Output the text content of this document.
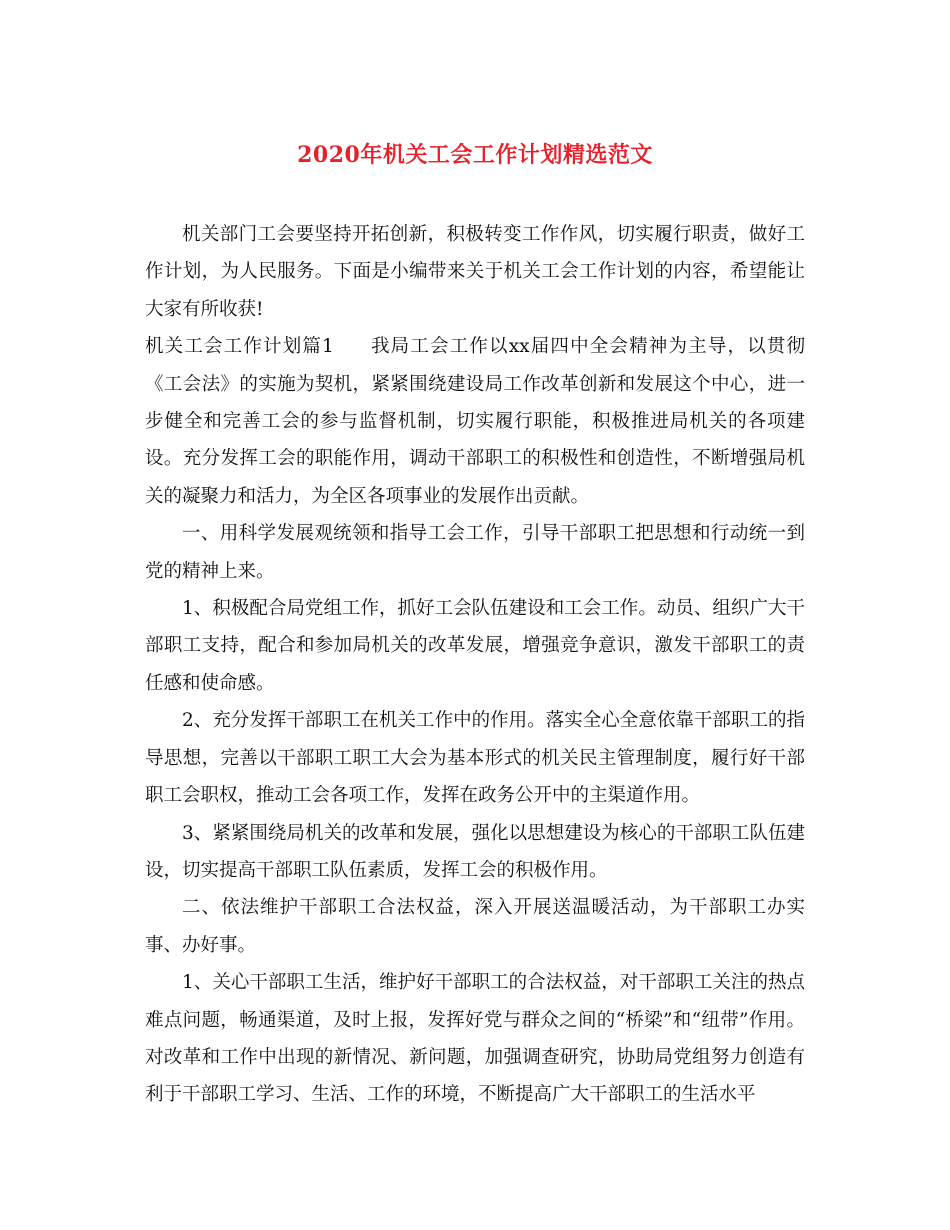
2020年机关工会工作计划精选范文

机关部门工会要坚持开拓创新，积极转变工作作风，切实履行职责，做好工作计划，为人民服务。下面是小编带来关于机关工会工作计划的内容，希望能让大家有所收获!

机关工会工作计划篇1 我局工会工作以xx届四中全会精神为主导，以贯彻《工会法》的实施为契机，紧紧围绕建设局工作改革创新和发展这个中心，进一步健全和完善工会的参与监督机制，切实履行职能，积极推进局机关的各项建设。充分发挥工会的职能作用，调动干部职工的积极性和创造性，不断增强局机关的凝聚力和活力，为全区各项事业的发展作出贡献。

一、用科学发展观统领和指导工会工作，引导干部职工把思想和行动统一到党的精神上来。

1、积极配合局党组工作，抓好工会队伍建设和工会工作。动员、组织广大干部职工支持，配合和参加局机关的改革发展，增强竞争意识，激发干部职工的责任感和使命感。

2、充分发挥干部职工在机关工作中的作用。落实全心全意依靠干部职工的指导思想，完善以干部职工职工大会为基本形式的机关民主管理制度，履行好干部职工会职权，推动工会各项工作，发挥在政务公开中的主渠道作用。

3、紧紧围绕局机关的改革和发展，强化以思想建设为核心的干部职工队伍建设，切实提高干部职工队伍素质，发挥工会的积极作用。

二、依法维护干部职工合法权益，深入开展送温暖活动，为干部职工办实事、办好事。

1、关心干部职工生活，维护好干部职工的合法权益，对干部职工关注的热点难点问题，畅通渠道，及时上报，发挥好党与群众之间的“桥梁”和“纽带”作用。对改革和工作中出现的新情况、新问题，加强调查研究，协助局党组努力创造有利于干部职工学习、生活、工作的环境，不断提高广大干部职工的生活水平
